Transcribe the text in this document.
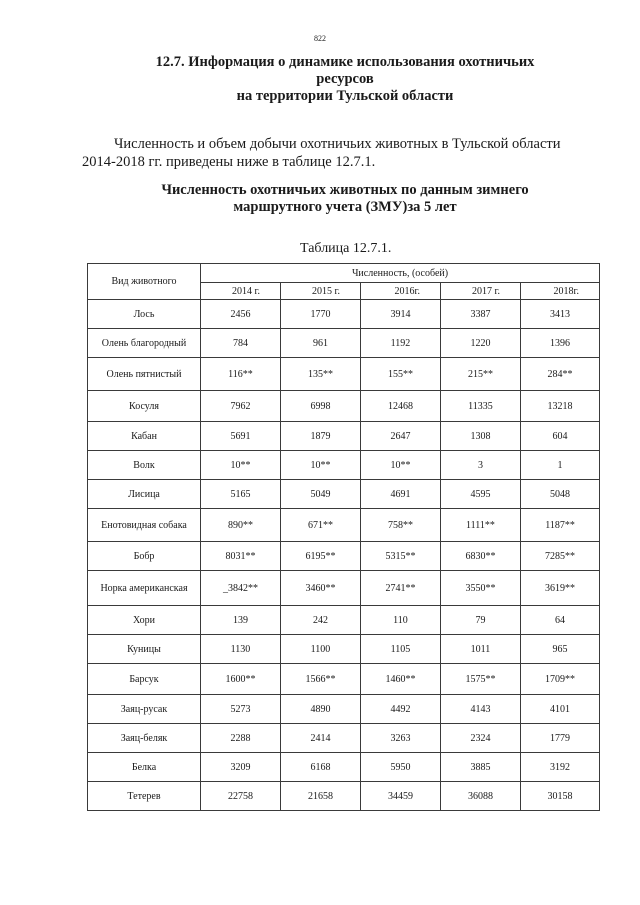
822
12.7. Информация о динамике использования охотничьих
ресурсов
на территории Тульской области
Численность и объем добычи охотничьих животных в Тульской области
2014-2018 гг. приведены ниже в таблице 12.7.1.
Численность охотничьих животных по данным зимнего
маршрутного учета (ЗМУ)за 5 лет
Таблица 12.7.1.
Вид животного	Численность, (особей)				
	2014 г.	2015 г.	2016г.	2017 г.	2018г.
Лось	2456	1770	3914	3387	3413
Олень благородный	784	961	1192	1220	1396
Олень пятнистый	116**	135**	155**	215**	284**
Косуля	7962	6998	12468	11335	13218
Кабан	5691	1879	2647	1308	604
Волк	10**	10**	10**	3	1
Лисица	5165	5049	4691	4595	5048
Енотовидная собака	890**	671**	758**	1111**	1187**
Бобр	8031**	6195**	5315**	6830**	7285**
Норка американская	_3842**	3460**	2741**	3550**	3619**
Хори	139	242	110	79	64
Куницы	1130	1100	1105	1011	965
Барсук	1600**	1566**	1460**	1575**	1709**
Заяц-русак	5273	4890	4492	4143	4101
Заяц-беляк	2288	2414	3263	2324	1779
Белка	3209	6168	5950	3885	3192
Тетерев	22758	21658	34459	36088	30158
